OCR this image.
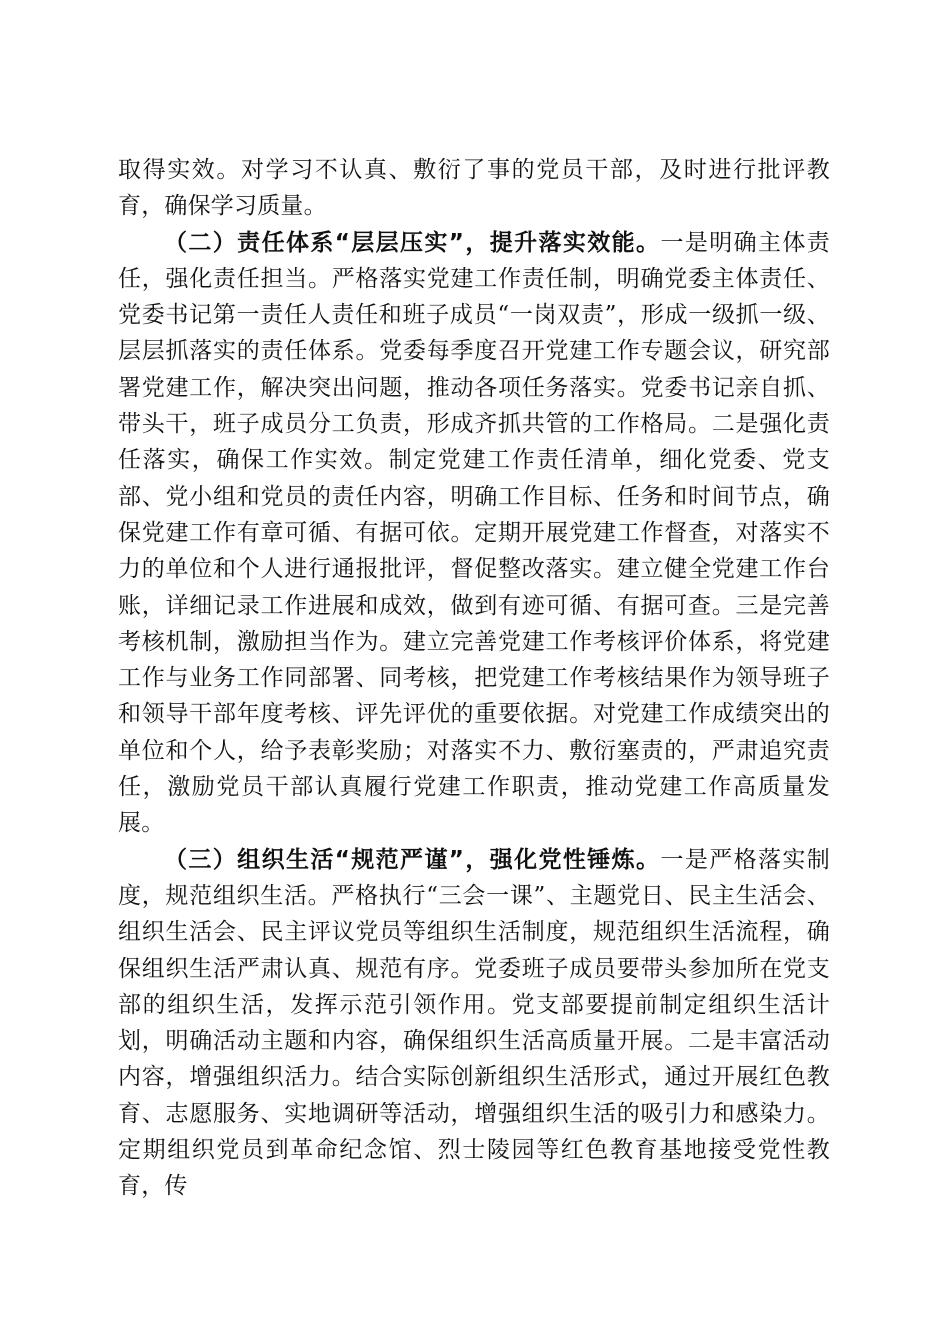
取得实效。对学习不认真、敷衍了事的党员干部，及时进行批评教育，确保学习质量。

（二）责任体系“层层压实”，提升落实效能。一是明确主体责任，强化责任担当。严格落实党建工作责任制，明确党委主体责任、党委书记第一责任人责任和班子成员“一岗双责”，形成一级抓一级、层层抓落实的责任体系。党委每季度召开党建工作专题会议，研究部署党建工作，解决突出问题，推动各项任务落实。党委书记亲自抓、带头干，班子成员分工负责，形成齐抓共管的工作格局。二是强化责任落实，确保工作实效。制定党建工作责任清单，细化党委、党支部、党小组和党员的责任内容，明确工作目标、任务和时间节点，确保党建工作有章可循、有据可依。定期开展党建工作督查，对落实不力的单位和个人进行通报批评，督促整改落实。建立健全党建工作台账，详细记录工作进展和成效，做到有迹可循、有据可查。三是完善考核机制，激励担当作为。建立完善党建工作考核评价体系，将党建工作与业务工作同部署、同考核，把党建工作考核结果作为领导班子和领导干部年度考核、评先评优的重要依据。对党建工作成绩突出的单位和个人，给予表彰奖励；对落实不力、敷衍塞责的，严肃追究责任，激励党员干部认真履行党建工作职责，推动党建工作高质量发展。

（三）组织生活“规范严谨”，强化党性锤炼。一是严格落实制度，规范组织生活。严格执行“三会一课”、主题党日、民主生活会、组织生活会、民主评议党员等组织生活制度，规范组织生活流程，确保组织生活严肃认真、规范有序。党委班子成员要带头参加所在党支部的组织生活，发挥示范引领作用。党支部要提前制定组织生活计划，明确活动主题和内容，确保组织生活高质量开展。二是丰富活动内容，增强组织活力。结合实际创新组织生活形式，通过开展红色教育、志愿服务、实地调研等活动，增强组织生活的吸引力和感染力。定期组织党员到革命纪念馆、烈士陵园等红色教育基地接受党性教育，传
